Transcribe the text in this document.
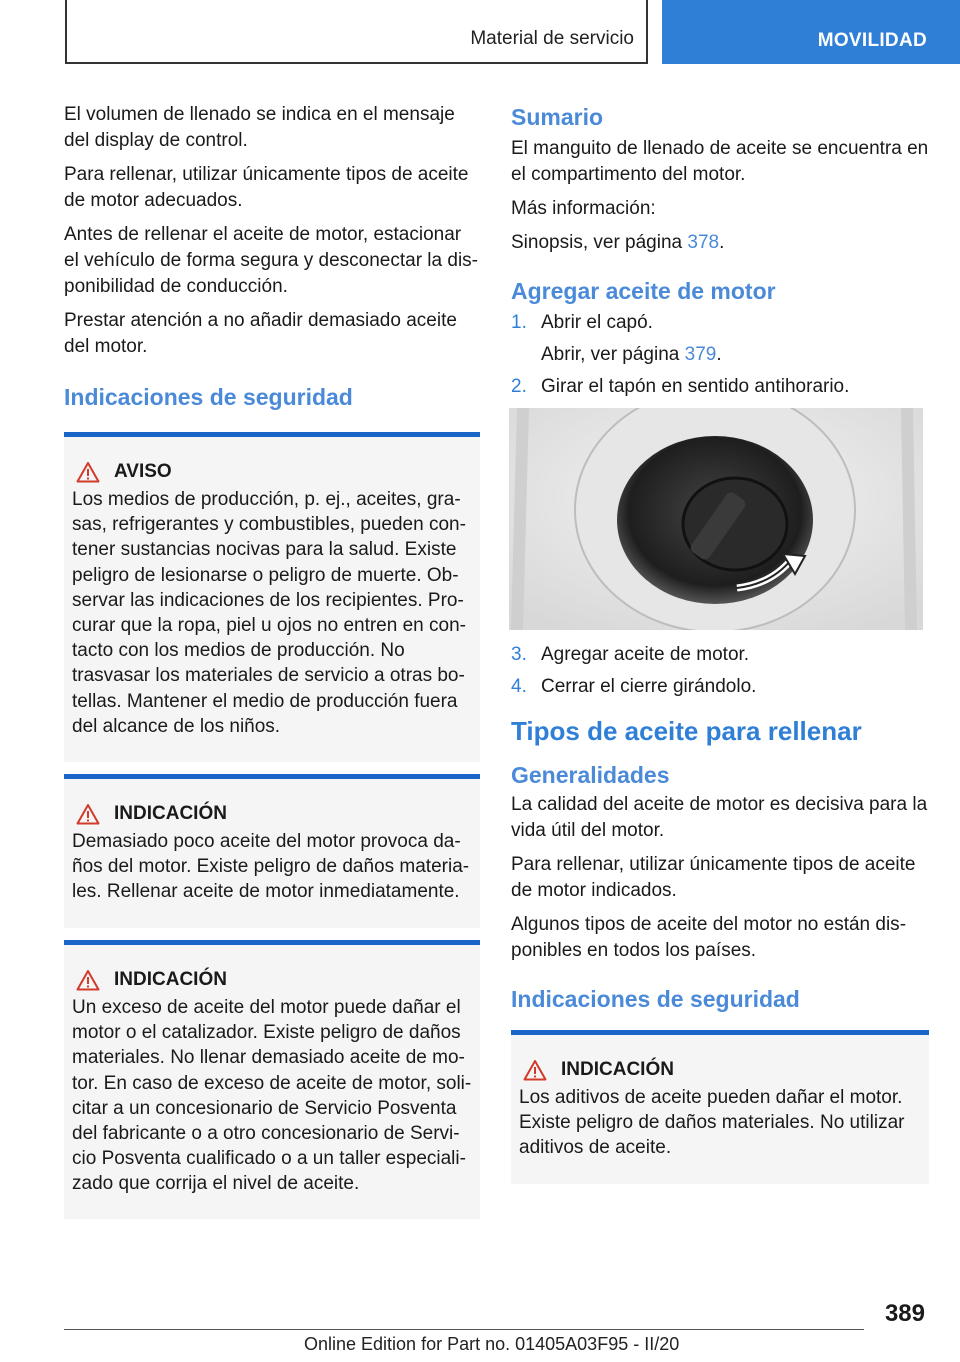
Material de servicio	MOVILIDAD

El volumen de llenado se indica en el mensaje del display de control.

Para rellenar, utilizar únicamente tipos de aceite de motor adecuados.

Antes de rellenar el aceite de motor, estacionar el vehículo de forma segura y desconectar la disponibilidad de conducción.

Prestar atención a no añadir demasiado aceite del motor.

Indicaciones de seguridad
AVISO

Los medios de producción, p. ej., aceites, grasas, refrigerantes y combustibles, pueden contener sustancias nocivas para la salud. Existe peligro de lesionarse o peligro de muerte. Observar las indicaciones de los recipientes. Procurar que la ropa, piel u ojos no entren en contacto con los medios de producción. No trasvasar los materiales de servicio a otras botellas. Mantener el medio de producción fuera del alcance de los niños.

INDICACIÓN

Demasiado poco aceite del motor provoca daños del motor. Existe peligro de daños materiales. Rellenar aceite de motor inmediatamente.

INDICACIÓN

Un exceso de aceite del motor puede dañar el motor o el catalizador. Existe peligro de daños materiales. No llenar demasiado aceite de motor. En caso de exceso de aceite de motor, solicitar a un concesionario de Servicio Posventa del fabricante o a otro concesionario de Servicio Posventa cualificado o a un taller especializado que corrija el nivel de aceite.

Sumario

El manguito de llenado de aceite se encuentra en el compartimento del motor.

Más información:

Sinopsis, ver página 378.

Agregar aceite de motor
1. Abrir el capó.
Abrir, ver página 379.
2. Girar el tapón en sentido antihorario.
3. Agregar aceite de motor.
4. Cerrar el cierre girándolo.
Tipos de aceite para rellenar
Generalidades

La calidad del aceite de motor es decisiva para la vida útil del motor.

Para rellenar, utilizar únicamente tipos de aceite de motor indicados.

Algunos tipos de aceite del motor no están disponibles en todos los países.

Indicaciones de seguridad
INDICACIÓN

Los aditivos de aceite pueden dañar el motor. Existe peligro de daños materiales. No utilizar aditivos de aceite.

389
Online Edition for Part no. 01405A03F95 - II/20
